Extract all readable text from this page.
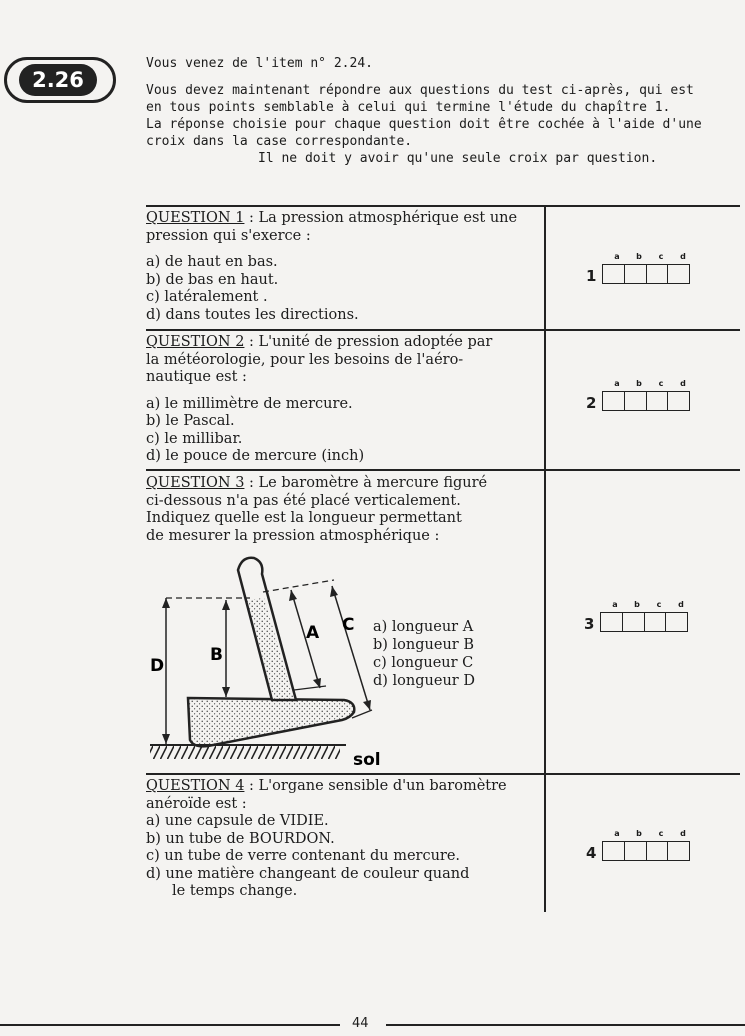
2.26

Vous venez de l'item n° 2.24.

Vous devez maintenant répondre aux questions du test ci-après, qui est

en tous points semblable à celui qui termine l'étude du chapître 1.

La réponse choisie pour chaque question doit être cochée à l'aide d'une

croix dans la case correspondante.

Il ne doit y avoir qu'une seule croix par question.

QUESTION 1 : La pression atmosphérique est une

pression qui s'exerce :

a) de haut en bas.

b) de bas en haut.

c) latéralement .

d) dans toutes les directions.

a	b	c	d
1

QUESTION 2 : L'unité de pression adoptée par

la météorologie, pour les besoins de l'aéro-

nautique est :

a) le millimètre de mercure.

b) le Pascal.

c) le millibar.

d) le pouce de mercure (inch)

a	b	c	d
2

QUESTION 3 : Le baromètre à mercure figuré

ci-dessous n'a pas été placé verticalement.

Indiquez quelle est la longueur permettant

de mesurer la pression atmosphérique :

D
B
A C
sol

a) longueur A

b) longueur B

c) longueur C

d) longueur D

a	b	c	d
3

QUESTION 4 : L'organe sensible d'un baromètre

anéroïde est :

a) une capsule de VIDIE.

b) un tube de BOURDON.

c) un tube de verre contenant du mercure.

d) une matière changeant de couleur quand

le temps change.

a	b	c	d
4
44
